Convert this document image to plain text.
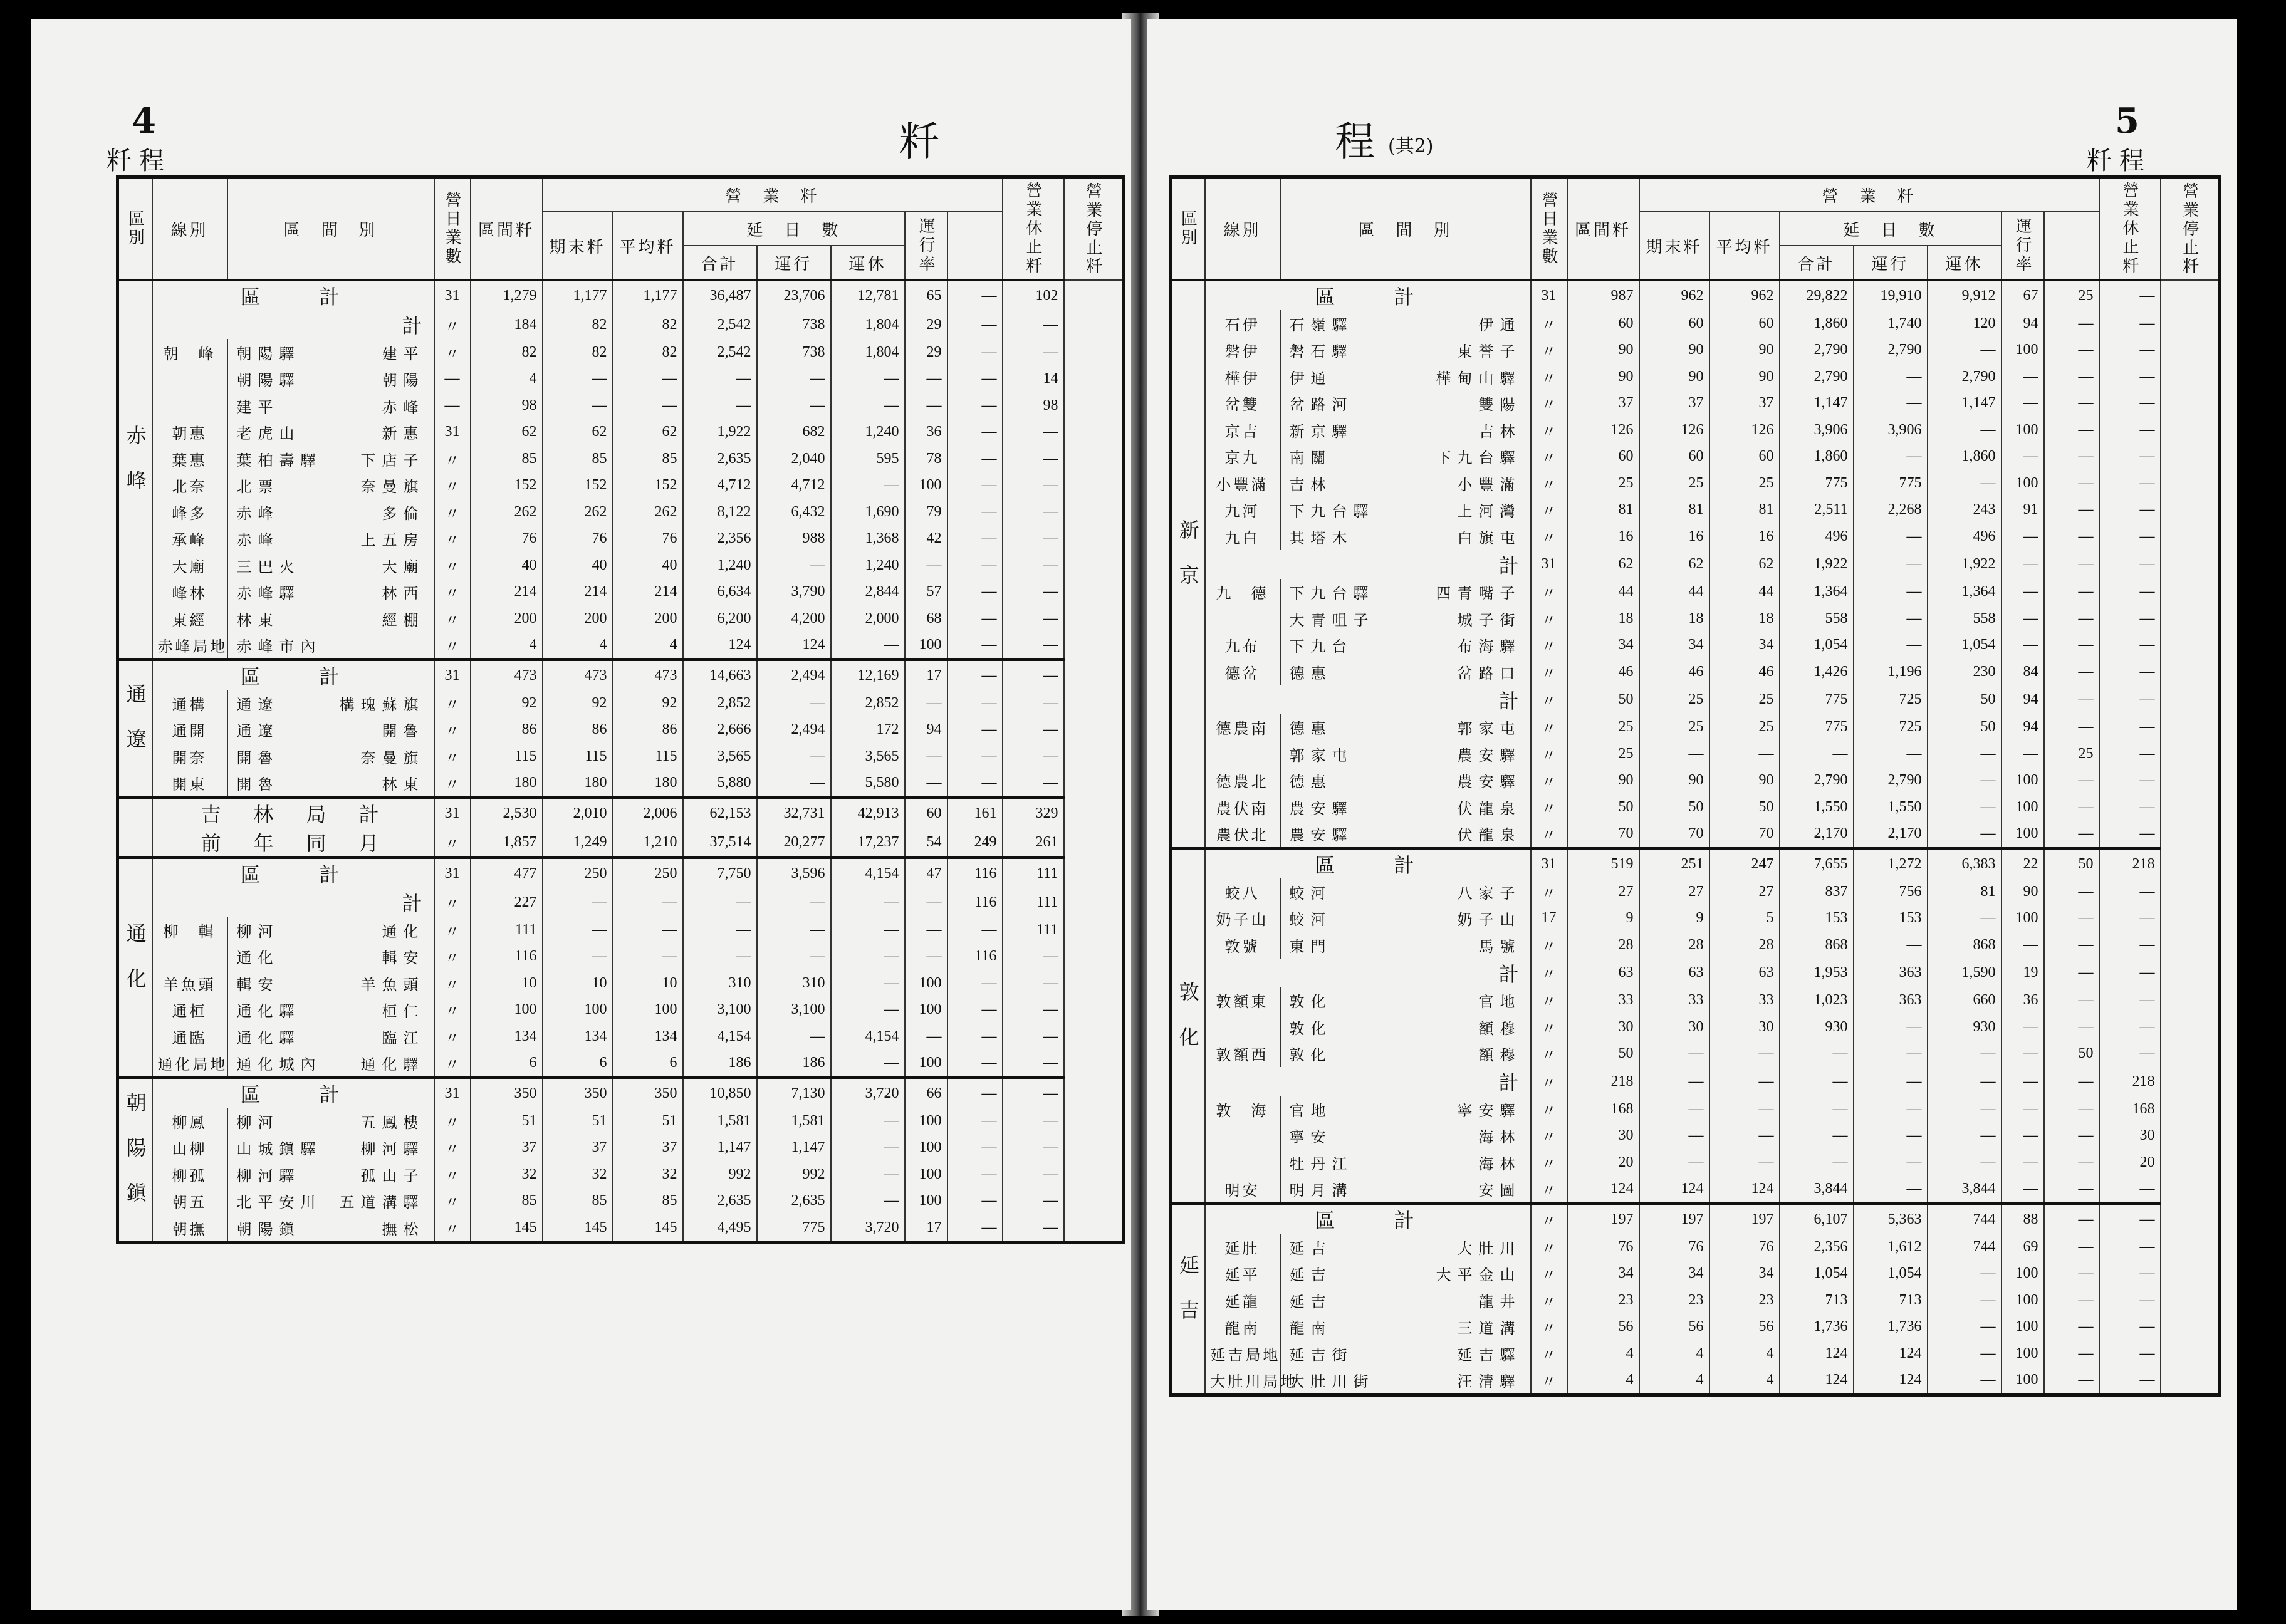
4
粁程	粁
區別	線別	區　間　別	營日業數	區間粁	營　業　粁							營業休止粁	營業停止粁
					期末粁	平均粁	延　日　數			運行率			
							合計	運行	運休				
赤峰	區　　計		31	1,279	1,177	1,177	36,487	23,706	12,781	65	—	102	
	計		〃	184	82	82	2,542	738	1,804	29	—	—	
	朝　峰	朝陽驛 建平	〃	82	82	82	2,542	738	1,804	29	—	—	

		朝陽驛 朝陽	—	4	—	—	—	—	—	—	—	14	

		建平 赤峰	—	98	—	—	—	—	—	—	—	98	
	朝惠	老虎山 新惠	31	62	62	62	1,922	682	1,240	36	—	—	
	葉惠	葉柏壽驛 下店子	〃	85	85	85	2,635	2,040	595	78	—	—	
	北奈	北票 奈曼旗	〃	152	152	152	4,712	4,712	—	100	—	—	
	峰多	赤峰 多倫	〃	262	262	262	8,122	6,432	1,690	79	—	—	
	承峰	赤峰 上五房	〃	76	76	76	2,356	988	1,368	42	—	—	
	大廟	三巴火 大廟	〃	40	40	40	1,240	—	1,240	—	—	—	
	峰林	赤峰驛 林西	〃	214	214	214	6,634	3,790	2,844	57	—	—	
	東經	林東 經棚	〃	200	200	200	6,200	4,200	2,000	68	—	—	
	赤峰局地	赤峰市內	〃	4	4	4	124	124	—	100	—	—	
通遼	區　　計		31	473	473	473	14,663	2,494	12,169	17	—	—	
	通構	通遼 構瑰蘇旗	〃	92	92	92	2,852	—	2,852	—	—	—	
	通開	通遼 開魯	〃	86	86	86	2,666	2,494	172	94	—	—	
	開奈	開魯 奈曼旗	〃	115	115	115	3,565	—	3,565	—	—	—	
	開東	開魯 林東	〃	180	180	180	5,880	—	5,580	—	—	—	
	吉　林　局　計		31	2,530	2,010	2,006	62,153	32,731	42,913	60	161	329	
	前　年　同　月		〃	1,857	1,249	1,210	37,514	20,277	17,237	54	249	261	
通化	區　　計		31	477	250	250	7,750	3,596	4,154	47	116	111	
	計		〃	227	—	—	—	—	—	—	116	111	
	柳　輯	柳河 通化	〃	111	—	—	—	—	—	—	—	111	

		通化 輯安	〃	116	—	—	—	—	—	—	116	—	
	羊魚頭	輯安 羊魚頭	〃	10	10	10	310	310	—	100	—	—	
	通桓	通化驛 桓仁	〃	100	100	100	3,100	3,100	—	100	—	—	
	通臨	通化驛 臨江	〃	134	134	134	4,154	—	4,154	—	—	—	
	通化局地	通化城內 通化驛	〃	6	6	6	186	186	—	100	—	—	
朝陽鎭	區　　計		31	350	350	350	10,850	7,130	3,720	66	—	—	
	柳鳳	柳河 五鳳樓	〃	51	51	51	1,581	1,581	—	100	—	—	
	山柳	山城鎭驛 柳河驛	〃	37	37	37	1,147	1,147	—	100	—	—	
	柳孤	柳河驛 孤山子	〃	32	32	32	992	992	—	100	—	—	
	朝五	北平安川 五道溝驛	〃	85	85	85	2,635	2,635	—	100	—	—	
	朝撫	朝陽鎭 撫松	〃	145	145	145	4,495	775	3,720	17	—	—	
程 (其2)
5
粁程
區別	線別	區　間　別	營日業數	區間粁	營　業　粁							營業休止粁	營業停止粁
					期末粁	平均粁	延　日　數			運行率			
							合計	運行	運休				
新京	區　　計		31	987	962	962	29,822	19,910	9,912	67	25	—	
	石伊	石嶺驛 伊通	〃	60	60	60	1,860	1,740	120	94	—	—	
	磐伊	磐石驛 東誉子	〃	90	90	90	2,790	2,790	—	100	—	—	
	樺伊	伊通 樺甸山驛	〃	90	90	90	2,790	—	2,790	—	—	—	
	岔雙	岔路河 雙陽	〃	37	37	37	1,147	—	1,147	—	—	—	
	京吉	新京驛 吉林	〃	126	126	126	3,906	3,906	—	100	—	—	
	京九	南關 下九台驛	〃	60	60	60	1,860	—	1,860	—	—	—	
	小豐滿	吉林 小豐滿	〃	25	25	25	775	775	—	100	—	—	
	九河	下九台驛 上河灣	〃	81	81	81	2,511	2,268	243	91	—	—	
	九白	其塔木 白旗屯	〃	16	16	16	496	—	496	—	—	—	
	計		31	62	62	62	1,922	—	1,922	—	—	—	
	九　德	下九台驛 四青嘴子	〃	44	44	44	1,364	—	1,364	—	—	—	

		大青咀子 城子街	〃	18	18	18	558	—	558	—	—	—	
	九布	下九台 布海驛	〃	34	34	34	1,054	—	1,054	—	—	—	
	德岔	德惠 岔路口	〃	46	46	46	1,426	1,196	230	84	—	—	
	計		〃	50	25	25	775	725	50	94	—	—	
	德農南	德惠 郭家屯	〃	25	25	25	775	725	50	94	—	—	

		郭家屯 農安驛	〃	25	—	—	—	—	—	—	25	—	
	德農北	德惠 農安驛	〃	90	90	90	2,790	2,790	—	100	—	—	
	農伏南	農安驛 伏龍泉	〃	50	50	50	1,550	1,550	—	100	—	—	
	農伏北	農安驛 伏龍泉	〃	70	70	70	2,170	2,170	—	100	—	—	
敦化	區　　計		31	519	251	247	7,655	1,272	6,383	22	50	218	
	蛟八	蛟河 八家子	〃	27	27	27	837	756	81	90	—	—	
	奶子山	蛟河 奶子山	17	9	9	5	153	153	—	100	—	—	
	敦號	東門 馬號	〃	28	28	28	868	—	868	—	—	—	
	計		〃	63	63	63	1,953	363	1,590	19	—	—	
	敦額東	敦化 官地	〃	33	33	33	1,023	363	660	36	—	—	

		敦化 額穆	〃	30	30	30	930	—	930	—	—	—	
	敦額西	敦化 額穆	〃	50	—	—	—	—	—	—	50	—	
	計		〃	218	—	—	—	—	—	—	—	218	
	敦　海	官地 寧安驛	〃	168	—	—	—	—	—	—	—	168	

		寧安 海林	〃	30	—	—	—	—	—	—	—	30	

		牡丹江 海林	〃	20	—	—	—	—	—	—	—	20	
	明安	明月溝 安圖	〃	124	124	124	3,844	—	3,844	—	—	—	
延吉	區　　計		〃	197	197	197	6,107	5,363	744	88	—	—	
	延肚	延吉 大肚川	〃	76	76	76	2,356	1,612	744	69	—	—	
	延平	延吉 大平金山	〃	34	34	34	1,054	1,054	—	100	—	—	
	延龍	延吉 龍井	〃	23	23	23	713	713	—	100	—	—	
	龍南	龍南 三道溝	〃	56	56	56	1,736	1,736	—	100	—	—	
	延吉局地	延吉街 延吉驛	〃	4	4	4	124	124	—	100	—	—	
	大肚川局地	大肚川街 汪清驛	〃	4	4	4	124	124	—	100	—	—	
